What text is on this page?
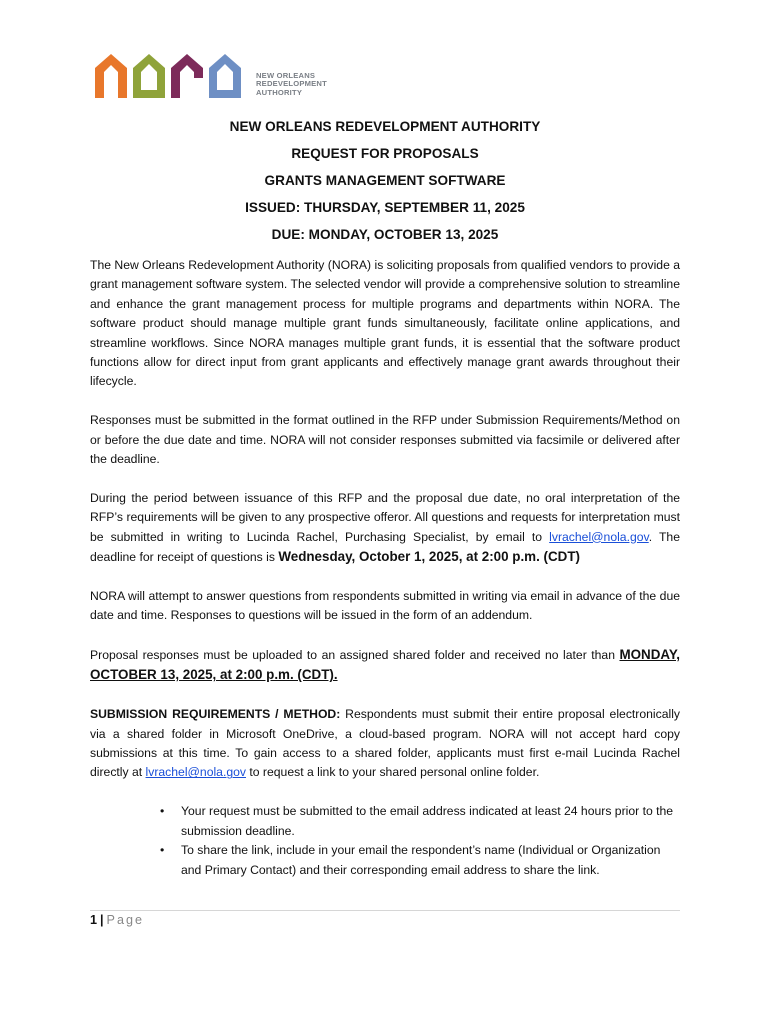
NEW ORLEANS
REDEVELOPMENT
AUTHORITY
NEW ORLEANS REDEVELOPMENT AUTHORITY
REQUEST FOR PROPOSALS
GRANTS MANAGEMENT SOFTWARE
ISSUED: THURSDAY, SEPTEMBER 11, 2025
DUE: MONDAY, OCTOBER 13, 2025

The New Orleans Redevelopment Authority (NORA) is soliciting proposals from qualified vendors to provide a grant management software system. The selected vendor will provide a comprehensive solution to streamline and enhance the grant management process for multiple programs and departments within NORA. The software product should manage multiple grant funds simultaneously, facilitate online applications, and streamline workflows. Since NORA manages multiple grant funds, it is essential that the software product functions allow for direct input from grant applicants and effectively manage grant awards throughout their lifecycle.

Responses must be submitted in the format outlined in the RFP under Submission Requirements/Method on or before the due date and time. NORA will not consider responses submitted via facsimile or delivered after the deadline.

During the period between issuance of this RFP and the proposal due date, no oral interpretation of the RFP’s requirements will be given to any prospective offeror. All questions and requests for interpretation must be submitted in writing to Lucinda Rachel, Purchasing Specialist, by email to lvrachel@nola.gov. The deadline for receipt of questions is Wednesday, October 1, 2025, at 2:00 p.m. (CDT)

NORA will attempt to answer questions from respondents submitted in writing via email in advance of the due date and time. Responses to questions will be issued in the form of an addendum.

Proposal responses must be uploaded to an assigned shared folder and received no later than MONDAY, OCTOBER 13, 2025, at 2:00 p.m. (CDT).

SUBMISSION REQUIREMENTS / METHOD: Respondents must submit their entire proposal electronically via a shared folder in Microsoft OneDrive, a cloud-based program. NORA will not accept hard copy submissions at this time. To gain access to a shared folder, applicants must first e-mail Lucinda Rachel directly at lvrachel@nola.gov to request a link to your shared personal online folder.

• Your request must be submitted to the email address indicated at least 24 hours prior to the submission deadline.
• To share the link, include in your email the respondent’s name (Individual or Organization and Primary Contact) and their corresponding email address to share the link.
1 | Page
